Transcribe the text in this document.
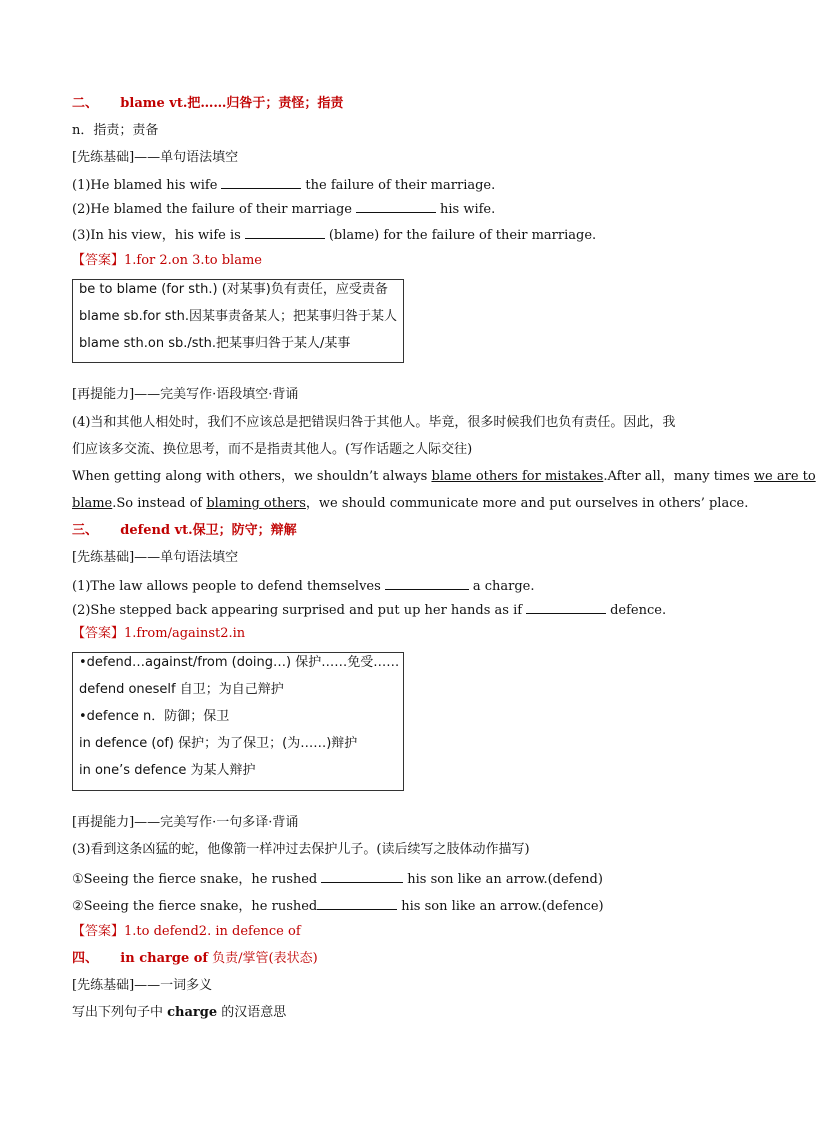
二、 blame vt.把……归咎于；责怪；指责
n．指责；责备
[先练基础]——单句语法填空
(1)He blamed his wife	the failure of their marriage.
(2)He blamed the failure of their marriage	his wife.
(3)In his view，his wife is	(blame) for the failure of their marriage.
【答案】1.for 2.on 3.to blame
be to blame (for sth.) (对某事)负有责任，应受责备
blame sb.for sth.因某事责备某人；把某事归咎于某人
blame sth.on sb./sth.把某事归咎于某人/某事
[再提能力]——完美写作·语段填空·背诵
(4)当和其他人相处时，我们不应该总是把错误归咎于其他人。毕竟，很多时候我们也负有责任。因此，我
们应该多交流、换位思考，而不是指责其他人。(写作话题之人际交往)
When getting along with others，we shouldn’t always blame others for mistakes.After all，many times we are to
blame.So instead of blaming others，we should communicate more and put ourselves in others’ place.
三、 defend vt.保卫；防守；辩解
[先练基础]——单句语法填空
(1)The law allows people to defend themselves	a charge.
(2)She stepped back appearing surprised and put up her hands as if	defence.
【答案】1.from/against2.in
•defend…against/from (doing…) 保护……免受……
defend oneself 自卫；为自己辩护
•defence n．防御；保卫
in defence (of) 保护；为了保卫；(为……)辩护
in one’s defence 为某人辩护
[再提能力]——完美写作·一句多译·背诵
(3)看到这条凶猛的蛇，他像箭一样冲过去保护儿子。(读后续写之肢体动作描写)
①Seeing the fierce snake，he rushed	his son like an arrow.(defend)
②Seeing the fierce snake，he rushed	his son like an arrow.(defence)
【答案】1.to defend2. in defence of
四、 in charge of 负责/掌管(表状态)
[先练基础]——一词多义
写出下列句子中 charge 的汉语意思
